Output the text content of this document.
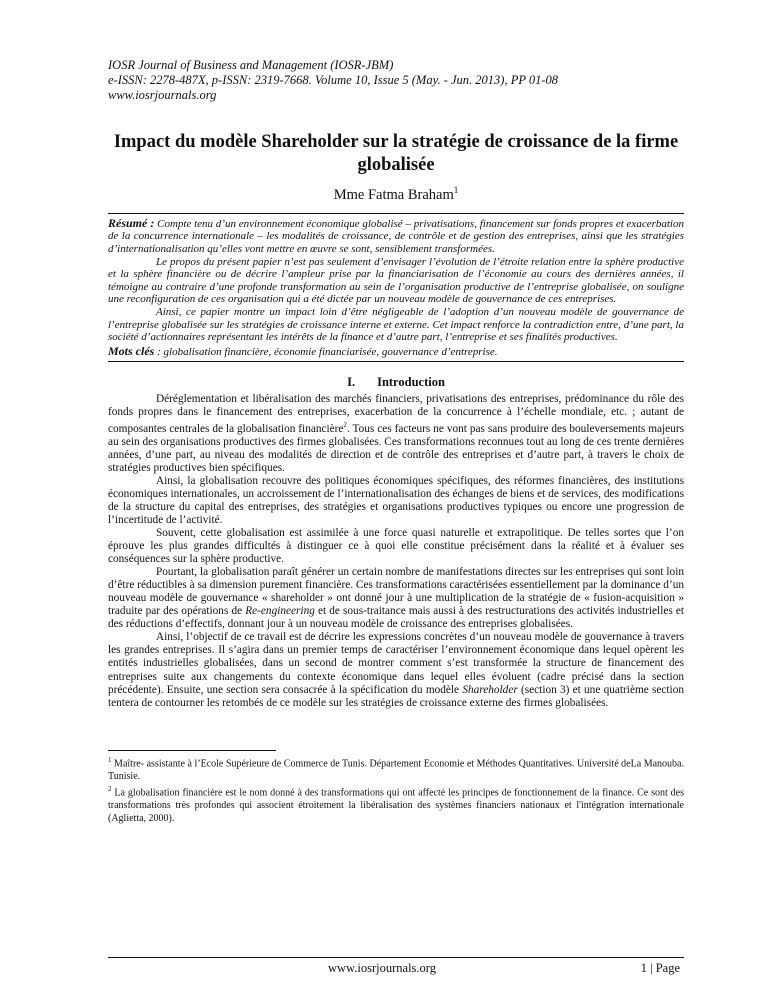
IOSR Journal of Business and Management (IOSR-JBM)
e-ISSN: 2278-487X, p-ISSN: 2319-7668. Volume 10, Issue 5 (May. - Jun. 2013), PP 01-08
www.iosrjournals.org
Impact du modèle Shareholder sur la stratégie de croissance de la firme globalisée
Mme Fatma Braham$^1$

Résumé : Compte tenu d’un environnement économique globalisé – privatisations, financement sur fonds propres et exacerbation de la concurrence internationale – les modalités de croissance, de contrôle et de gestion des entreprises, ainsi que les stratégies d’internationalisation qu’elles vont mettre en œuvre se sont, sensiblement transformées.

Le propos du présent papier n’est pas seulement d’envisager l’évolution de l’étroite relation entre la sphère productive et la sphère financière ou de décrire l’ampleur prise par la financiarisation de l’économie au cours des dernières années, il témoigne au contraire d’une profonde transformation au sein de l’organisation productive de l’entreprise globalisée, on souligne une reconfiguration de ces organisation qui a été dictée par un nouveau modèle de gouvernance de ces entreprises.

Ainsi, ce papier montre un impact loin d’être négligeable de l’adoption d’un nouveau modèle de gouvernance de l’entreprise globalisée sur les stratégies de croissance interne et externe. Cet impact renforce la contradiction entre, d’une part, la société d’actionnaires représentant les intérêts de la finance et d’autre part, l’entreprise et ses finalités productives.

Mots clés : globalisation financière, économie financiarisée, gouvernance d’entreprise.
I. Introduction

Déréglementation et libéralisation des marchés financiers, privatisations des entreprises, prédominance du rôle des fonds propres dans le financement des entreprises, exacerbation de la concurrence à l’échelle mondiale, etc. ; autant de composantes centrales de la globalisation financière$^2$. Tous ces facteurs ne vont pas sans produire des bouleversements majeurs au sein des organisations productives des firmes globalisées. Ces transformations reconnues tout au long de ces trente dernières années, d’une part, au niveau des modalités de direction et de contrôle des entreprises et d’autre part, à travers le choix de stratégies productives bien spécifiques.

Ainsi, la globalisation recouvre des politiques économiques spécifiques, des réformes financières, des institutions économiques internationales, un accroissement de l’internationalisation des échanges de biens et de services, des modifications de la structure du capital des entreprises, des stratégies et organisations productives typiques ou encore une progression de l’incertitude de l’activité.

Souvent, cette globalisation est assimilée à une force quasi naturelle et extrapolitique. De telles sortes que l’on éprouve les plus grandes difficultés à distinguer ce à quoi elle constitue précisément dans la réalité et à évaluer ses conséquences sur la sphère productive.

Pourtant, la globalisation paraît générer un certain nombre de manifestations directes sur les entreprises qui sont loin d’être réductibles à sa dimension purement financière. Ces transformations caractérisées essentiellement par la dominance d’un nouveau modèle de gouvernance « shareholder » ont donné jour à une multiplication de la stratégie de « fusion-acquisition » traduite par des opérations de Re-engineering et de sous-traitance mais aussi à des restructurations des activités industrielles et des réductions d’effectifs, donnant jour à un nouveau modèle de croissance des entreprises globalisées.

Ainsi, l’objectif de ce travail est de décrire les expressions concrètes d’un nouveau modèle de gouvernance à travers les grandes entreprises. Il s’agira dans un premier temps de caractériser l’environnement économique dans lequel opèrent les entités industrielles globalisées, dans un second de montrer comment s’est transformée la structure de financement des entreprises suite aux changements du contexte économique dans lequel elles évoluent (cadre précisé dans la section précédente). Ensuite, une section sera consacrée à la spécification du modèle Shareholder (section 3) et une quatrième section tentera de contourner les retombés de ce modèle sur les stratégies de croissance externe des firmes globalisées.

$^1$ Maître- assistante à l’Ecole Supérieure de Commerce de Tunis. Département Economie et Méthodes Quantitatives. Université deLa Manouba. Tunisie.

$^2$ La globalisation financière est le nom donné à des transformations qui ont affecté les principes de fonctionnement de la finance. Ce sont des transformations très profondes qui associent étroitement la libéralisation des systèmes financiers nationaux et l'intégration internationale (Aglietta, 2000).

www.iosrjournals.org	1 | Page
